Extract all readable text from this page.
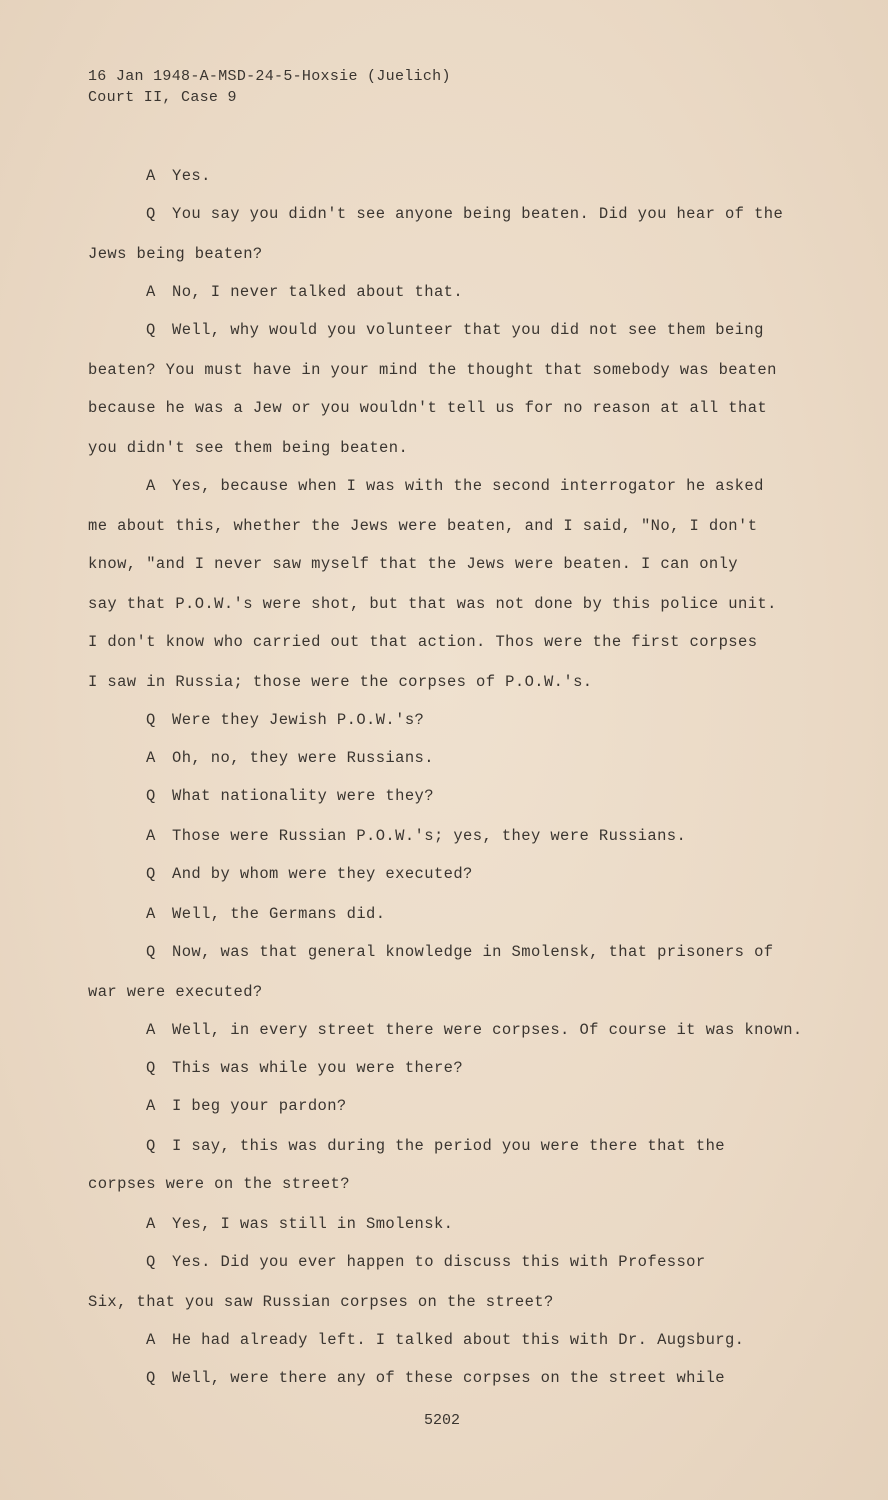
16 Jan 1948-A-MSD-24-5-Hoxsie (Juelich)
Court II, Case 9
A Yes.
Q You say you didn't see anyone being beaten. Did you hear of the
Jews being beaten?
A No, I never talked about that.
Q Well, why would you volunteer that you did not see them being
beaten? You must have in your mind the thought that somebody was beaten
because he was a Jew or you wouldn't tell us for no reason at all that
you didn't see them being beaten.
A Yes, because when I was with the second interrogator he asked
me about this, whether the Jews were beaten, and I said, "No, I don't
know, "and I never saw myself that the Jews were beaten. I can only
say that P.O.W.'s were shot, but that was not done by this police unit.
I don't know who carried out that action. Thos were the first corpses
I saw in Russia; those were the corpses of P.O.W.'s.
Q Were they Jewish P.O.W.'s?
A Oh, no, they were Russians.
Q What nationality were they?
A Those were Russian P.O.W.'s; yes, they were Russians.
Q And by whom were they executed?
A Well, the Germans did.
Q Now, was that general knowledge in Smolensk, that prisoners of
war were executed?
A Well, in every street there were corpses. Of course it was known.
Q This was while you were there?
A I beg your pardon?
Q I say, this was during the period you were there that the
corpses were on the street?
A Yes, I was still in Smolensk.
Q Yes. Did you ever happen to discuss this with Professor
Six, that you saw Russian corpses on the street?
A He had already left. I talked about this with Dr. Augsburg.
Q Well, were there any of these corpses on the street while
5202
